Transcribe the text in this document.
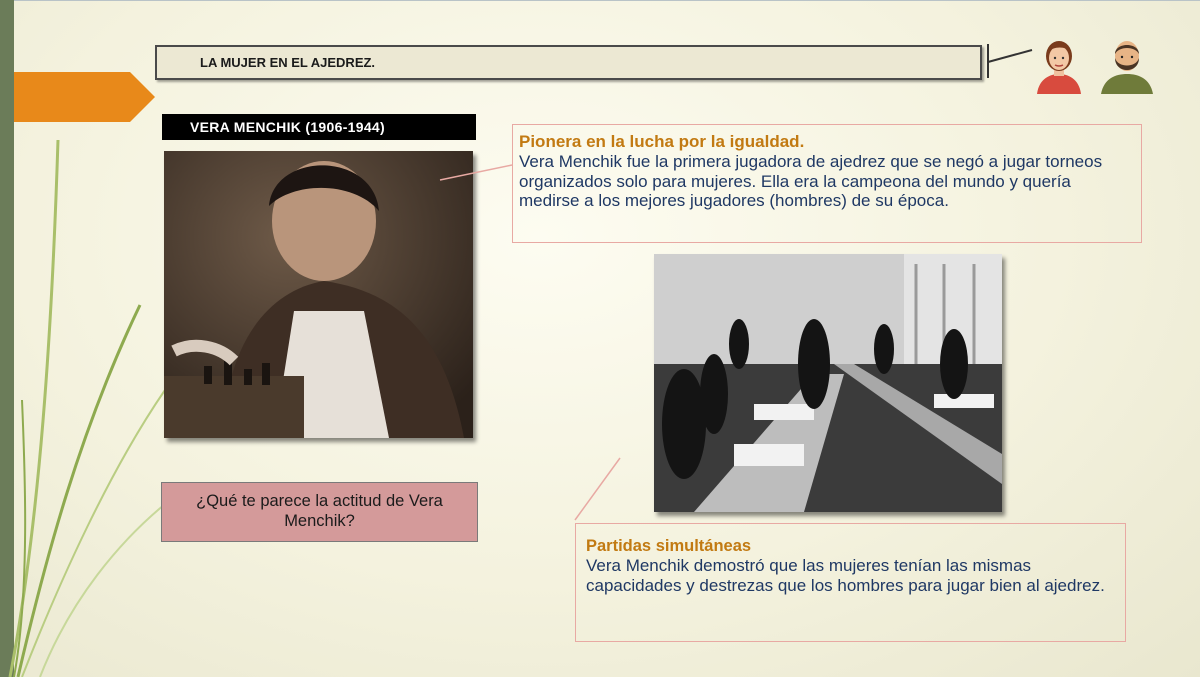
LA MUJER EN EL AJEDREZ.
VERA MENCHIK (1906-1944)
Pionera en la lucha por la igualdad.
Vera Menchik fue la primera jugadora de ajedrez que se negó a jugar torneos organizados solo para mujeres. Ella era la campeona del mundo y quería medirse a los mejores jugadores (hombres) de su época.
Partidas simultáneas
Vera Menchik demostró que las mujeres tenían las mismas capacidades y destrezas que los hombres para jugar bien al ajedrez.
¿Qué te parece la actitud de Vera Menchik?
